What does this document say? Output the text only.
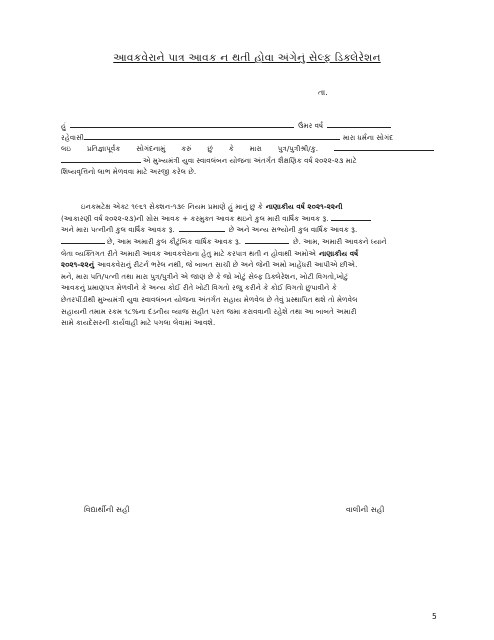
આવકવેરાને પાત્ર આવક ન થતી હોવા અંગેનું સેલ્ફ ડિક્લેરેશન
તા.
હું	ઉંમર વર્ષ
રહેવાસી	મારા ધર્મના સોગંદ
લઇ પ્રતિજ્ઞાપૂર્વક સોગંદનામું કરું છું કે મારા પુત્ર/પુત્રીશ્રી/કુ.
એ મુખ્યમંત્રી યુવા સ્વાવલંબન યોજના અંતર્ગત શૈક્ષણિક વર્ષ ૨૦૨૨-૨૩ માટે
શિષ્યવૃત્તિનો લાભ મેળવવા માટે અરજી કરેલ છે.
ઇનકમટેક્ષ એક્ટ ૧૯૬૧ સેક્શન-૧૩૯ નિયમ પ્રમાણે હું માનું છુ કે નાણાકીય વર્ષ ૨૦૨૧-૨૨ની
(આકારણી વર્ષ ૨૦૨૨-૨૩)ની ગ્રોસ આવક + કરમુક્ત આવક થઇને કુલ મારી વાર્ષિક આવક રૂ.
અને મારા પત્નીની કુલ વાર્ષિક આવક રૂ.	છે અને અન્ય સભ્યોની કુલ વાર્ષિક આવક રૂ.
છે, આમ અમારી કુલ કૌટુંબિક વાર્ષિક આવક રૂ.	છે. આમ, અમારી આવકને ધ્યાને
લેતા વ્યક્તિગત રીતે અમારી આવક આવકવેરાના હેતુ માટે કરપાત્ર થતી ન હોવાથી અમોએ નાણાકીય વર્ષ
૨૦૨૧-૨૨નું આવકવેરાનું રીટર્ન ભરેલ નથી, જે બાબત સાચી છે અને જેની અમો ખાહેંધરી આપીએ છીએ.
મને, મારા પતિ/પત્ની તથા મારા પુત્ર/પુત્રીને એ જાણ છે કે જો ખોટું સેલ્ફ ડિક્લેરેશન, ખોટી વિગતો,ખોટું
આવકનું પ્રમાણપત્ર મેળવીને કે અન્ય કોઈ રીતે ખોટી વિગતો રજુ કરીને કે કોઈ વિગતો છુપાવીને કે
છેતરપીંડીથી મુખ્યમંત્રી યુવા સ્વાવલંબન યોજના અંતર્ગત સહાય મેળવેલ છે તેવું પ્રસ્થાપિત થશે તો મેળવેલ
સહાયની તમામ રકમ ૧૮%ના દંડનીય વ્યાજ સહીત પરત જમા કરાવવાની રહેશે તથા આ બાબતે અમારી
સામે કાયદેસરની કાર્યવાહી માટે પગલા લેવામાં આવશે.
વિદ્યાર્થીની સહી	વાલીની સહી
5
